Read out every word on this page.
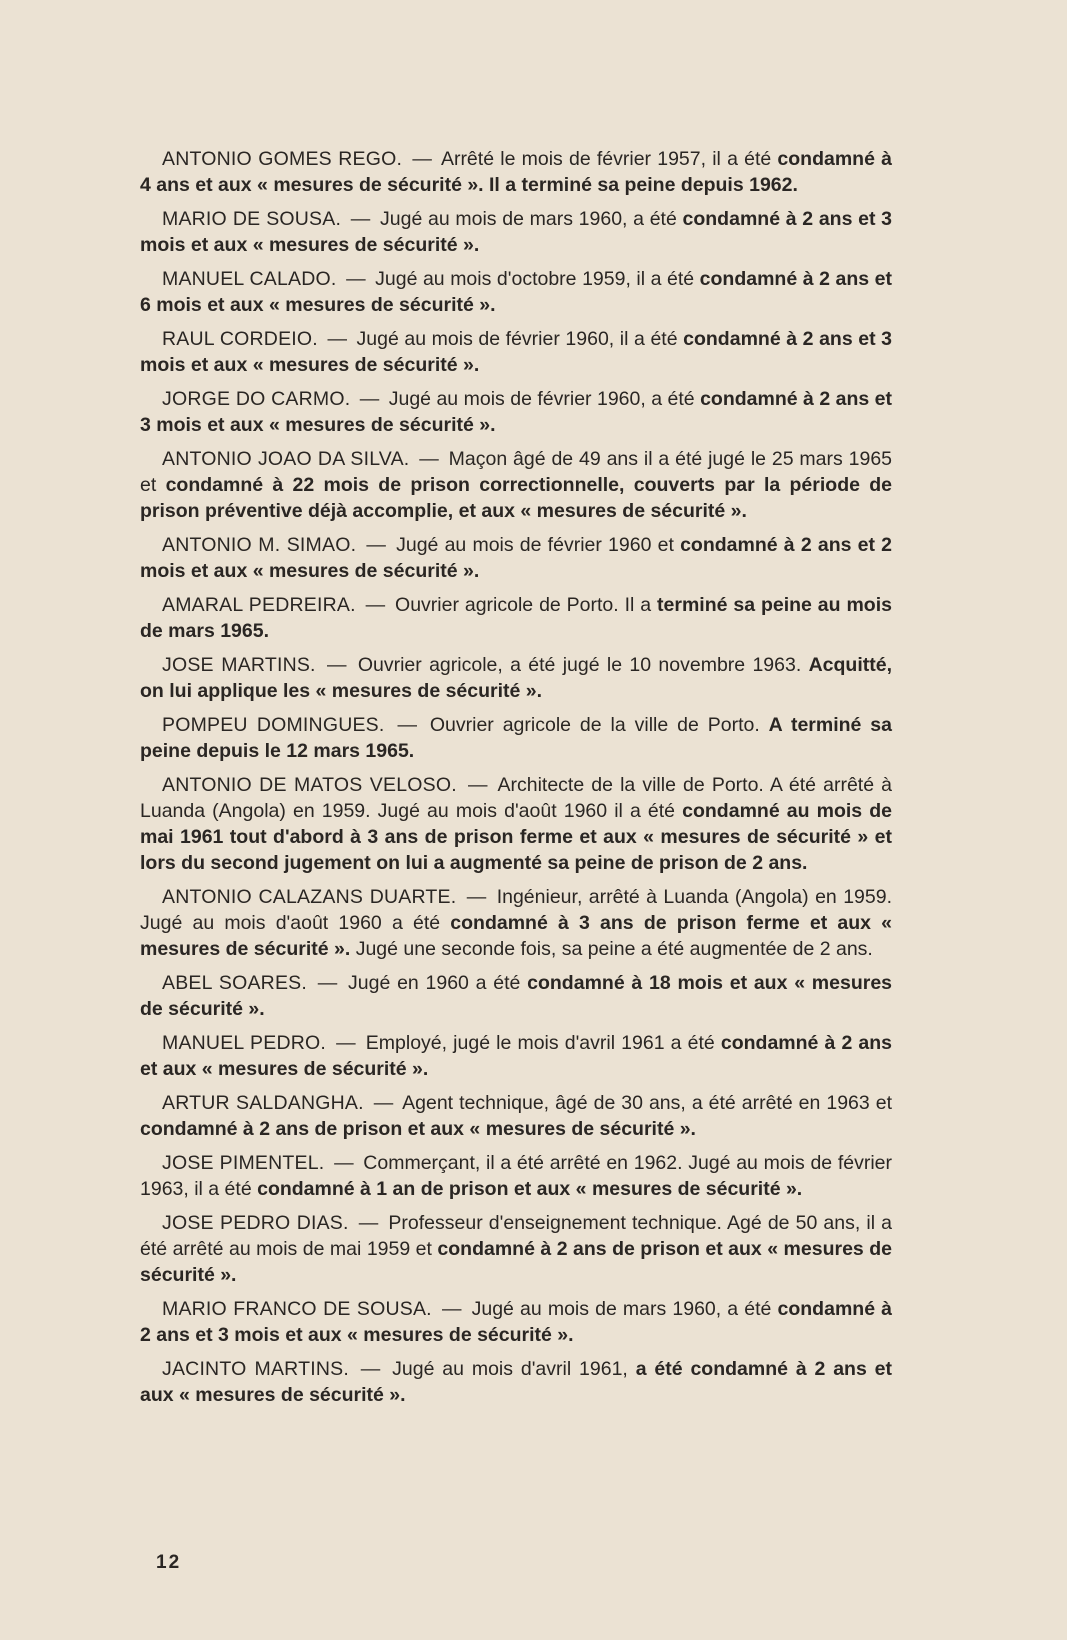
ANTONIO GOMES REGO. — Arrêté le mois de février 1957, il a été condamné à 4 ans et aux « mesures de sécurité ». Il a terminé sa peine depuis 1962.

MARIO DE SOUSA. — Jugé au mois de mars 1960, a été condamné à 2 ans et 3 mois et aux « mesures de sécurité ».

MANUEL CALADO. — Jugé au mois d'octobre 1959, il a été condamné à 2 ans et 6 mois et aux « mesures de sécurité ».

RAUL CORDEIO. — Jugé au mois de février 1960, il a été condamné à 2 ans et 3 mois et aux « mesures de sécurité ».

JORGE DO CARMO. — Jugé au mois de février 1960, a été condamné à 2 ans et 3 mois et aux « mesures de sécurité ».

ANTONIO JOAO DA SILVA. — Maçon âgé de 49 ans il a été jugé le 25 mars 1965 et condamné à 22 mois de prison correctionnelle, couverts par la période de prison préventive déjà accomplie, et aux « mesures de sécurité ».

ANTONIO M. SIMAO. — Jugé au mois de février 1960 et condamné à 2 ans et 2 mois et aux « mesures de sécurité ».

AMARAL PEDREIRA. — Ouvrier agricole de Porto. Il a terminé sa peine au mois de mars 1965.

JOSE MARTINS. — Ouvrier agricole, a été jugé le 10 novembre 1963. Acquitté, on lui applique les « mesures de sécurité ».

POMPEU DOMINGUES. — Ouvrier agricole de la ville de Porto. A terminé sa peine depuis le 12 mars 1965.

ANTONIO DE MATOS VELOSO. — Architecte de la ville de Porto. A été arrêté à Luanda (Angola) en 1959. Jugé au mois d'août 1960 il a été condamné au mois de mai 1961 tout d'abord à 3 ans de prison ferme et aux « mesures de sécurité » et lors du second jugement on lui a augmenté sa peine de prison de 2 ans.

ANTONIO CALAZANS DUARTE. — Ingénieur, arrêté à Luanda (Angola) en 1959. Jugé au mois d'août 1960 a été condamné à 3 ans de prison ferme et aux « mesures de sécurité ». Jugé une seconde fois, sa peine a été augmentée de 2 ans.

ABEL SOARES. — Jugé en 1960 a été condamné à 18 mois et aux « mesures de sécurité ».

MANUEL PEDRO. — Employé, jugé le mois d'avril 1961 a été condamné à 2 ans et aux « mesures de sécurité ».

ARTUR SALDANGHA. — Agent technique, âgé de 30 ans, a été arrêté en 1963 et condamné à 2 ans de prison et aux « mesures de sécurité ».

JOSE PIMENTEL. — Commerçant, il a été arrêté en 1962. Jugé au mois de février 1963, il a été condamné à 1 an de prison et aux « mesures de sécurité ».

JOSE PEDRO DIAS. — Professeur d'enseignement technique. Agé de 50 ans, il a été arrêté au mois de mai 1959 et condamné à 2 ans de prison et aux « mesures de sécurité ».

MARIO FRANCO DE SOUSA. — Jugé au mois de mars 1960, a été condamné à 2 ans et 3 mois et aux « mesures de sécurité ».

JACINTO MARTINS. — Jugé au mois d'avril 1961, a été condamné à 2 ans et aux « mesures de sécurité ».

12
